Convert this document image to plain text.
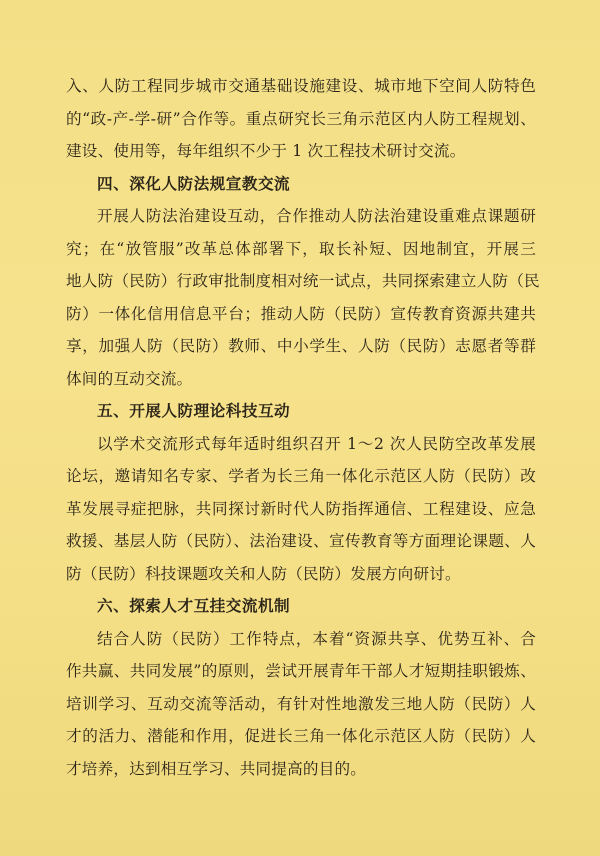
入、人防工程同步城市交通基础设施建设、城市地下空间人防特色
的“政-产-学-研”合作等。重点研究长三角示范区内人防工程规划、
建设、使用等，每年组织不少于 1 次工程技术研讨交流。
四、深化人防法规宣教交流
开展人防法治建设互动，合作推动人防法治建设重难点课题研
究；在“放管服”改革总体部署下，取长补短、因地制宜，开展三
地人防（民防）行政审批制度相对统一试点，共同探索建立人防（民
防）一体化信用信息平台；推动人防（民防）宣传教育资源共建共
享，加强人防（民防）教师、中小学生、人防（民防）志愿者等群
体间的互动交流。
五、开展人防理论科技互动
以学术交流形式每年适时组织召开 1～2 次人民防空改革发展
论坛，邀请知名专家、学者为长三角一体化示范区人防（民防）改
革发展寻症把脉，共同探讨新时代人防指挥通信、工程建设、应急
救援、基层人防（民防）、法治建设、宣传教育等方面理论课题、人
防（民防）科技课题攻关和人防（民防）发展方向研讨。
六、探索人才互挂交流机制
结合人防（民防）工作特点，本着“资源共享、优势互补、合
作共赢、共同发展”的原则，尝试开展青年干部人才短期挂职锻炼、
培训学习、互动交流等活动，有针对性地激发三地人防（民防）人
才的活力、潜能和作用，促进长三角一体化示范区人防（民防）人
才培养，达到相互学习、共同提高的目的。
